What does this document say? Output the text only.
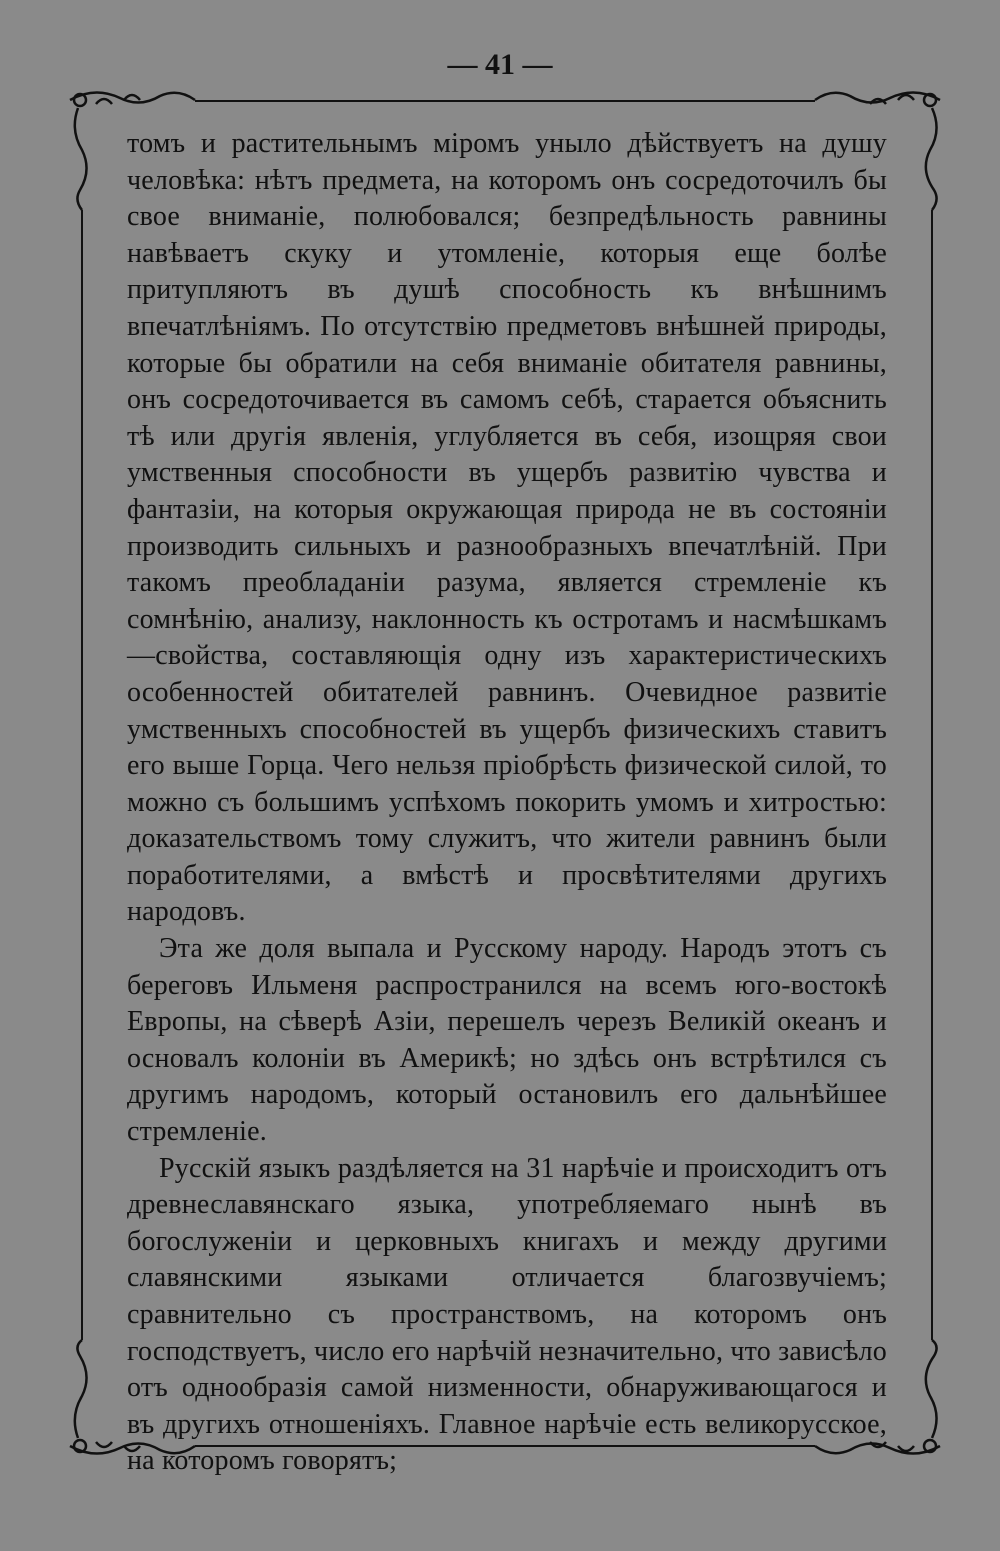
— 41 —

томъ и растительнымъ міромъ уныло дѣйствуетъ на душу человѣка: нѣтъ предмета, на которомъ онъ сосредоточилъ бы свое вниманіе, полюбовался; безпредѣльность равнины навѣваетъ скуку и утомленіе, которыя еще болѣе притупляютъ въ душѣ способность къ внѣшнимъ впечатлѣніямъ. По отсутствію предметовъ внѣшней природы, которые бы обратили на себя вниманіе обитателя равнины, онъ сосредоточивается въ самомъ себѣ, старается объяснить тѣ или другія явленія, углубляется въ себя, изощряя свои умственныя способности въ ущербъ развитію чувства и фантазіи, на которыя окружающая природа не въ состояніи производить сильныхъ и разнообразныхъ впечатлѣній. При такомъ преобладаніи разума, является стремленіе къ сомнѣнію, анализу, наклонность къ остротамъ и насмѣшкамъ—свойства, составляющія одну изъ характеристическихъ особенностей обитателей равнинъ. Очевидное развитіе умственныхъ способностей въ ущербъ физическихъ ставитъ его выше Горца. Чего нельзя пріобрѣсть физической силой, то можно съ большимъ успѣхомъ покорить умомъ и хитростью: доказательствомъ тому служитъ, что жители равнинъ были поработителями, а вмѣстѣ и просвѣтителями другихъ народовъ.

Эта же доля выпала и Русскому народу. Народъ этотъ съ береговъ Ильменя распространился на всемъ юго-востокѣ Европы, на сѣверѣ Азіи, перешелъ черезъ Великій океанъ и основалъ колоніи въ Америкѣ; но здѣсь онъ встрѣтился съ другимъ народомъ, который остановилъ его дальнѣйшее стремленіе.

Русскій языкъ раздѣляется на 31 нарѣчіе и происходитъ отъ древнеславянскаго языка, употребляемаго нынѣ въ богослуженіи и церковныхъ книгахъ и между другими славянскими языками отличается благозвучіемъ; сравнительно съ пространствомъ, на которомъ онъ господствуетъ, число его нарѣчій незначительно, что зависѣло отъ однообразія самой низменности, обнаруживающагося и въ другихъ отношеніяхъ. Главное нарѣчіе есть великорусское, на которомъ говорятъ;
